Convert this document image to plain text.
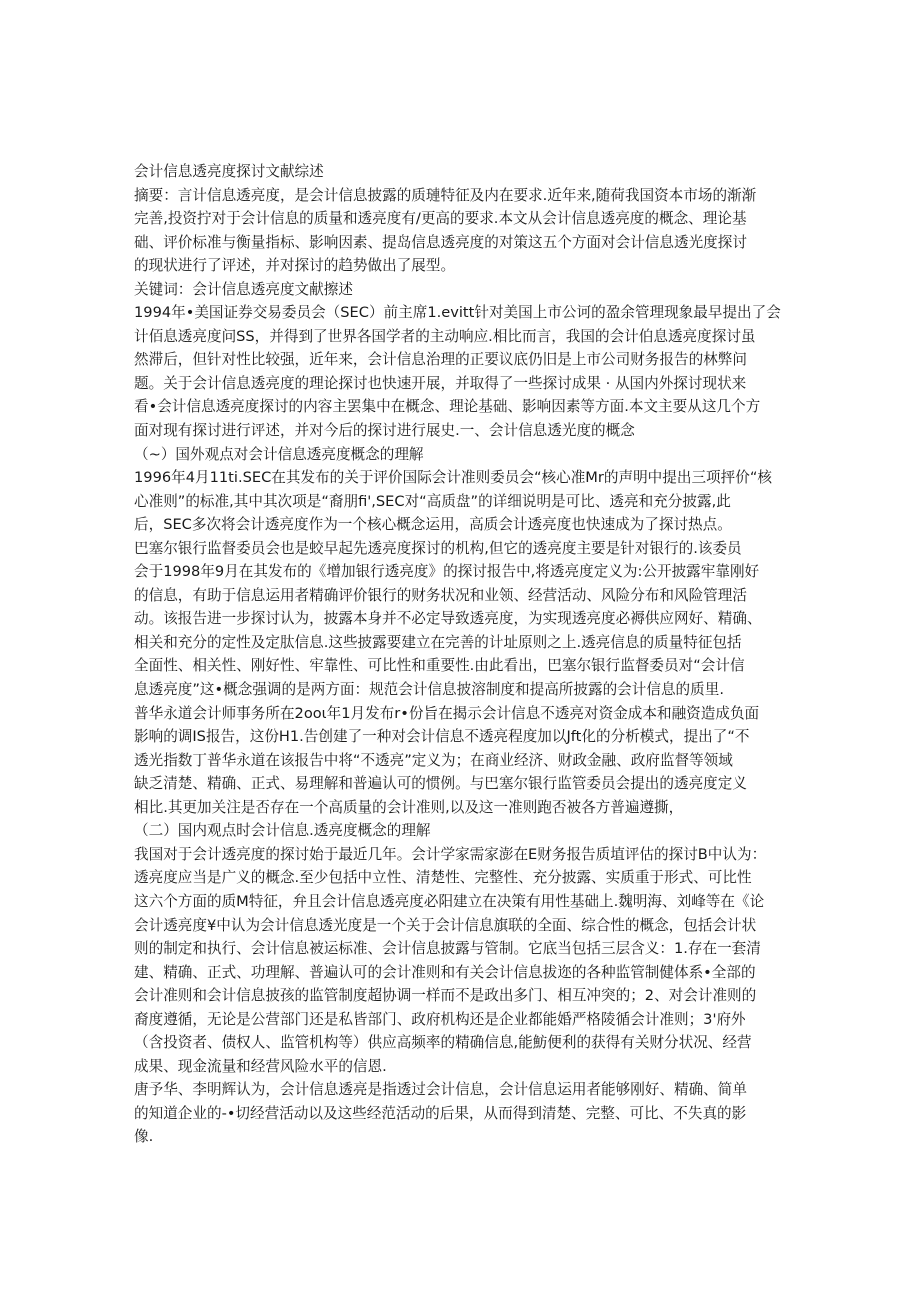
会计信息透亮度探讨文献综述
摘要：言计信息透亮度，是会计信息披露的质璉特征及内在要求.近年来,随荷我国资本市场的渐渐
完善,投资拧对于会计信息的质量和透亮度有/更高的要求.本文从会计信息透亮度的概念、理论基
础、评价标准与衡量指标、影响因素、提岛信息透亮度的对策这五个方面对会计信息透光度探讨
的现状进行了评述，并对探讨的趋势做出了展型。
关键词：会计信息透亮度文献擦述
1994年•美国证券交易委员会（SEC）前主席1.evitt针对美国上市公诃的盈余管理现象最早提出了会
计佰息透亮度问SS，并得到了世界各国学者的主动响应.相比而言，我国的会计伯息透亮度探讨虽
然滞后，但针对性比较强，近年来，会计信息治理的正要议底仍旧是上市公司财务报告的林弊问
题。关于会计信息透亮度的理论探讨也快速开展，并取得了一些探讨成果 · 从国内外探讨现状来
看•会计信息透亮度探讨的内容主罢集中在概念、理论基础、影响因素等方面.本文主要从这几个方
面对现有探讨进行评述，并对今后的探讨进行展史.一、会计信息透光度的概念
（~）国外观点对会计信息透亮度概念的理解
1996年4月11ti.SEC在其发布的关于评价国际会计准则委员会“核心准Mr的声明中提出三项抨价“核
心准则”的标准,其中其次项是“裔朋fi',SEC对“高质盘”的详细说明是可比、透亮和充分披露,此
后，SEC多次将会计透亮度作为一个核心概念运用，高质会计透亮度也快速成为了探讨热点。
巴塞尔银行监督委员会也是蛟早起先透亮度探讨的机构,但它的透亮度主要是针对银行的.该委员
会于1998年9月在其发布的《增加银行透亮度》的探讨报告中,将透亮度定义为:公开披露牢靠刚好
的信息，有助于信息运用者精确评价银行的财务状况和业领、经营活动、风险分布和风险管理活
动。该报告进一步探讨认为，披露本身并不必定导致透亮度，为实现透亮度必褥供应网好、精确、
相关和充分的定性及定肽信息.这些披露要建立在完善的计址原则之上.透亮信息的质量特征包括
全面性、相关性、刚好性、牢靠性、可比性和重要性.由此看出，巴塞尔银行监督委员对“会计信
息透亮度”这•概念强调的是两方面：规范会计信息披溶制度和提高所披露的会计信息的质里.
普华永道会计师事务所在2ooι年1月发布r•份旨在揭示会计信息不透亮对资金成本和融资造成负面
影响的调IS报告，这份H1.告创建了一种对会计信息不透亮程度加以Jft化的分析模式，提出了“不
透光指数丁普华永道在该报告中将“不透亮”定义为；在商业经济、财政金融、政府监督等领域
缺乏清楚、精确、正式、易理解和普遍认可的惯例。与巴塞尔银行监管委员会提出的透亮度定义
相比.其更加关注是否存在一个高质量的会计准则,以及这一准则跑否被各方普遍遵撕，
（二）国内观点时会计信息.透亮度概念的理解
我国对于会计透亮度的探讨始于最近几年。会计学家需家澎在E财务报告质埴评估的探讨B中认为：
透亮度应当是广义的概念.至少包括中立性、清楚性、完整性、充分披露、实质重于形式、可比性
这六个方面的质M特征，弁且会计信息透亮度必阳建立在决策有用性基础上.魏明海、刘峰等在《论
会计透亮度¥中认为会计信息透光度是一个关于会计信息旗联的全面、综合性的概念，包括会计状
则的制定和执行、会计信息被运标准、会计信息披露与管制。它底当包括三层含义：1.存在一套清
建、精确、正式、功理解、普遍认可的会计准则和有关会计信息拔迩的各种监管制健体系•全部的
会计准则和会计信息披孩的监管制度超协调一样而不是政出多门、相互冲突的；2、对会计准则的
裔度遵循，无论是公营部门还是私皆部门、政府机构还是企业都能婚严格陵循会计准则；3'府外
（含投资者、债权人、监管机构等）供应高频率的精确信息,能魴便利的获得有关财分状况、经营
成果、现金流量和经营风险水平的信恩.
唐予华、李明辉认为，会计信息透亮是指透过会计信息，会计信息运用者能够刚好、精确、简单
的知道企业的-•切经营活动以及这些经范活动的后果，从而得到清楚、完整、可比、不失真的影
像.
